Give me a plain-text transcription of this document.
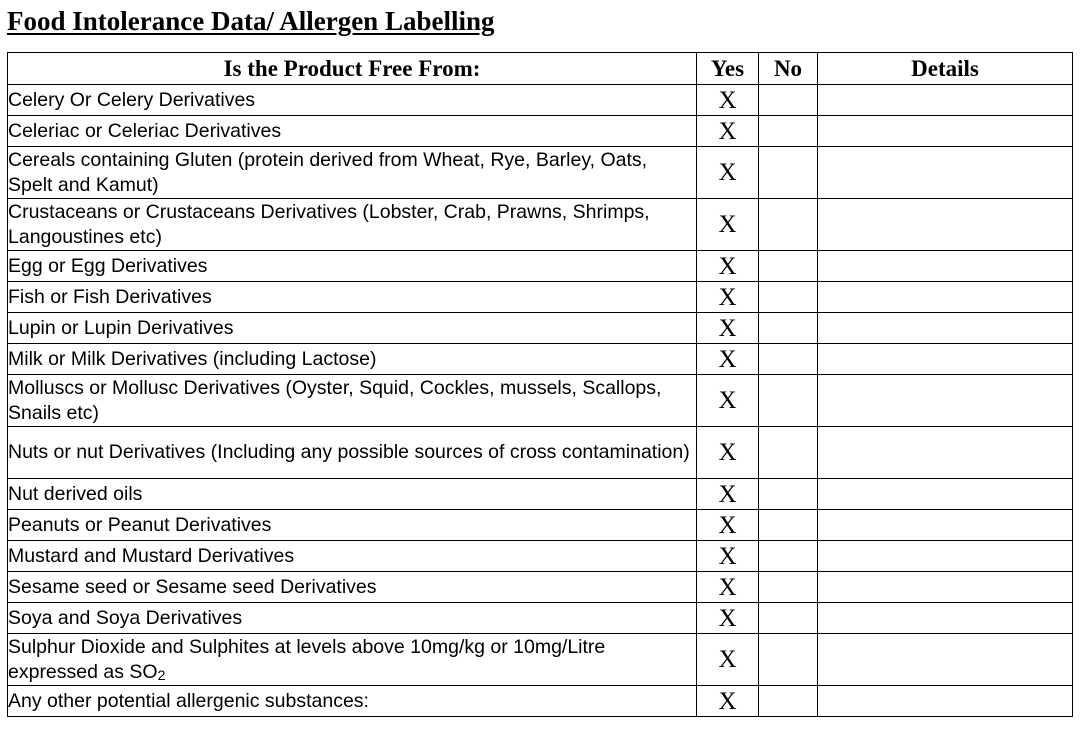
Food Intolerance Data/ Allergen Labelling
Is the Product Free From:	Yes	No	Details
Celery Or Celery Derivatives	X		
Celeriac or Celeriac Derivatives	X		
Cereals containing Gluten (protein derived from Wheat, Rye, Barley, Oats, Spelt and Kamut)	X		
Crustaceans or Crustaceans Derivatives (Lobster, Crab, Prawns, Shrimps, Langoustines etc)	X		
Egg or Egg Derivatives	X		
Fish or Fish Derivatives	X		
Lupin or Lupin Derivatives	X		
Milk or Milk Derivatives (including Lactose)	X		
Molluscs or Mollusc Derivatives (Oyster, Squid, Cockles, mussels, Scallops, Snails etc)	X		
Nuts or nut Derivatives (Including any possible sources of cross contamination)	X		
Nut derived oils	X		
Peanuts or Peanut Derivatives	X		
Mustard and Mustard Derivatives	X		
Sesame seed or Sesame seed Derivatives	X		
Soya and Soya Derivatives	X		
Sulphur Dioxide and Sulphites at levels above 10mg/kg or 10mg/Litre expressed as $SO_2$	X		
Any other potential allergenic substances:	X		
